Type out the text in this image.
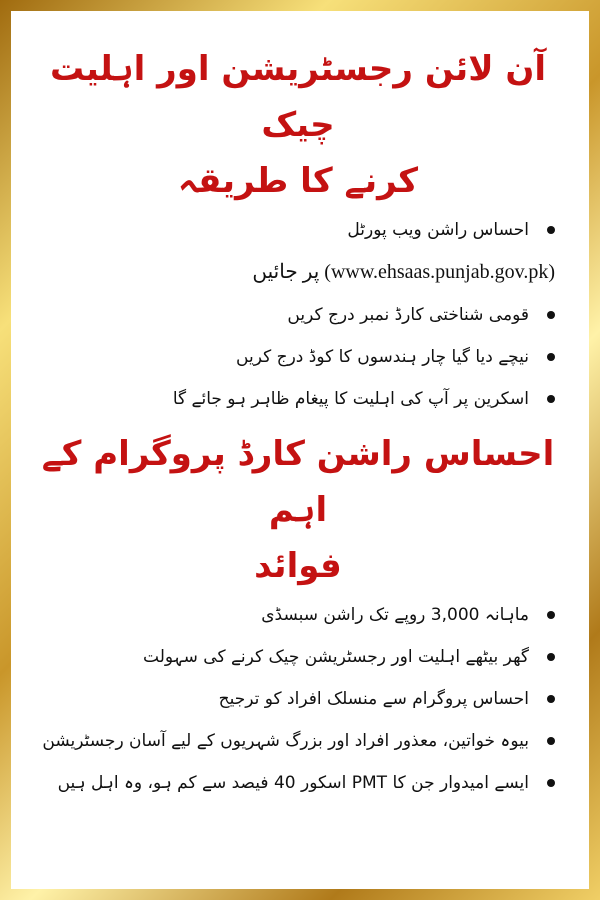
آن لائن رجسٹریشن اور اہلیت چیک
کرنے کا طریقہ
احساس راشن ویب پورٹل
(www.ehsaas.punjab.gov.pk) پر جائیں
قومی شناختی کارڈ نمبر درج کریں
نیچے دیا گیا چار ہندسوں کا کوڈ درج کریں
اسکرین پر آپ کی اہلیت کا پیغام ظاہر ہو جائے گا
احساس راشن کارڈ پروگرام کے اہم
فوائد
ماہانہ 3,000 روپے تک راشن سبسڈی
گھر بیٹھے اہلیت اور رجسٹریشن چیک کرنے کی سہولت
احساس پروگرام سے منسلک افراد کو ترجیح
بیوہ خواتین، معذور افراد اور بزرگ شہریوں کے لیے آسان رجسٹریشن
ایسے امیدوار جن کا PMT اسکور 40 فیصد سے کم ہو، وہ اہل ہیں
